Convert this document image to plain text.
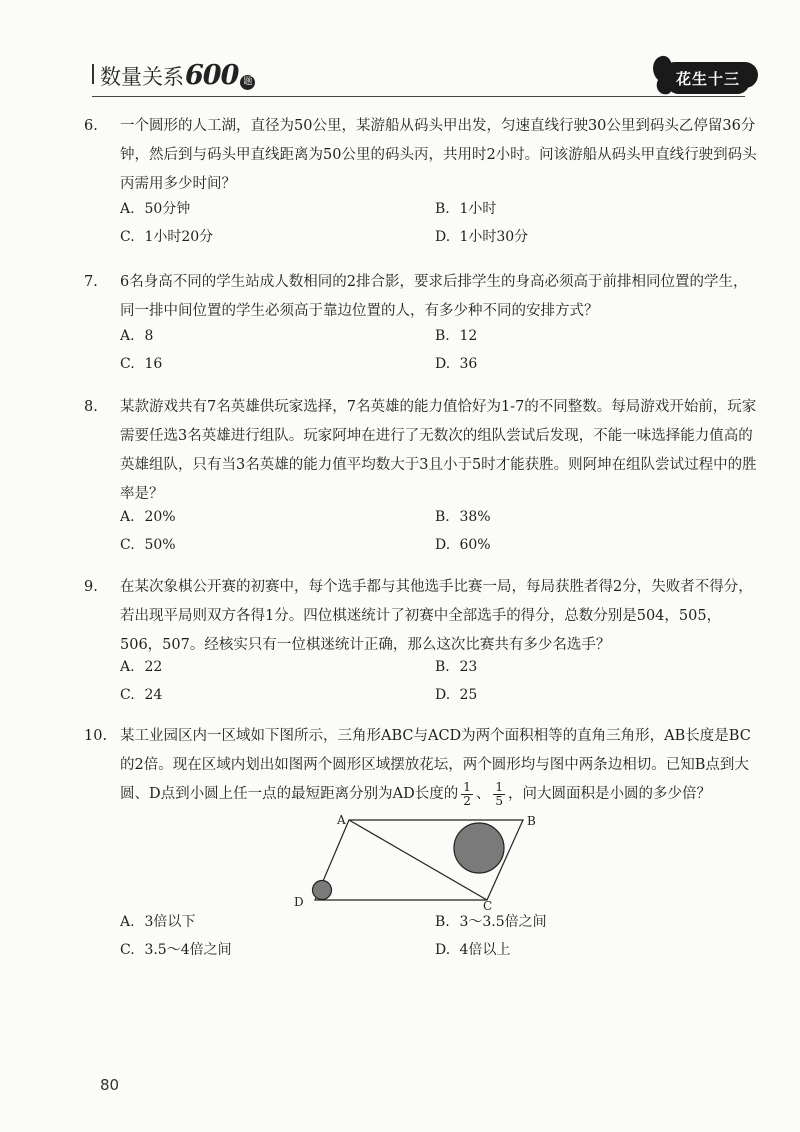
数量关系 600 题	花生十三
6. 一个圆形的人工湖，直径为50公里，某游船从码头甲出发，匀速直线行驶30公里到码头乙停留36分钟，然后到与码头甲直线距离为50公里的码头丙，共用时2小时。问该游船从码头甲直线行驶到码头丙需用多少时间？
A. 50分钟	B. 1小时
C. 1小时20分	D. 1小时30分
7. 6名身高不同的学生站成人数相同的2排合影，要求后排学生的身高必须高于前排相同位置的学生，同一排中间位置的学生必须高于靠边位置的人，有多少种不同的安排方式？
A. 8	B. 12
C. 16	D. 36
8. 某款游戏共有7名英雄供玩家选择，7名英雄的能力值恰好为1-7的不同整数。每局游戏开始前，玩家需要任选3名英雄进行组队。玩家阿坤在进行了无数次的组队尝试后发现，不能一味选择能力值高的英雄组队，只有当3名英雄的能力值平均数大于3且小于5时才能获胜。则阿坤在组队尝试过程中的胜率是？
A. 20%	B. 38%
C. 50%	D. 60%
9. 在某次象棋公开赛的初赛中，每个选手都与其他选手比赛一局，每局获胜者得2分，失败者不得分，若出现平局则双方各得1分。四位棋迷统计了初赛中全部选手的得分，总数分别是504，505，506，507。经核实只有一位棋迷统计正确，那么这次比赛共有多少名选手？
A. 22	B. 23
C. 24	D. 25
10. 某工业园区内一区域如下图所示，三角形ABC与ACD为两个面积相等的直角三角形，AB长度是BC的2倍。现在区域内划出如图两个圆形区域摆放花坛，两个圆形均与图中两条边相切。已知B点到大圆、D点到小圆上任一点的最短距离分别为AD长度的 $\frac{1}{2}$ 、 $\frac{1}{5}$ ，问大圆面积是小圆的多少倍？
A	B
C
D
A. 3倍以下	B. 3～3.5倍之间
C. 3.5～4倍之间	D. 4倍以上
80
